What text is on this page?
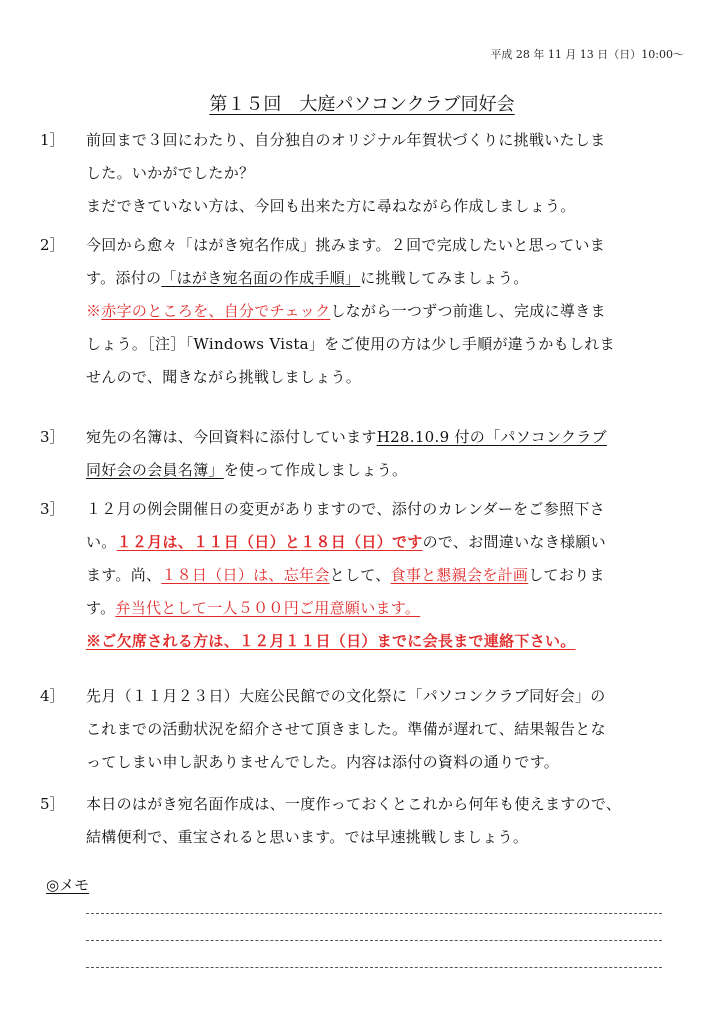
平成 28 年 11 月 13 日（日）10:00～
第１５回　大庭パソコンクラブ同好会
1］ 前回まで３回にわたり、自分独自のオリジナル年賀状づくりに挑戦いたしま
した。いかがでしたか？
まだできていない方は、今回も出来た方に尋ねながら作成しましょう。
2］ 今回から愈々「はがき宛名作成」挑みます。２回で完成したいと思っていま
す。添付の「はがき宛名面の作成手順」に挑戦してみましょう。
※赤字のところを、自分でチェックしながら一つずつ前進し、完成に導きま
しょう。［注］「Windows Vista」をご使用の方は少し手順が違うかもしれま
せんので、聞きながら挑戦しましょう。
3］ 宛先の名簿は、今回資料に添付していますH28.10.9 付の「パソコンクラブ
同好会の会員名簿」を使って作成しましょう。
3］ １２月の例会開催日の変更がありますので、添付のカレンダーをご参照下さ
い。１２月は、１１日（日）と１８日（日）ですので、お間違いなき様願い
ます。尚、１８日（日）は、忘年会として、食事と懇親会を計画しておりま
す。弁当代として一人５００円ご用意願います。
※ご欠席される方は、１２月１１日（日）までに会長まで連絡下さい。
4］ 先月（１１月２３日）大庭公民館での文化祭に「パソコンクラブ同好会」の
これまでの活動状況を紹介させて頂きました。準備が遅れて、結果報告とな
ってしまい申し訳ありませんでした。内容は添付の資料の通りです。
5］ 本日のはがき宛名面作成は、一度作っておくとこれから何年も使えますので、
結構便利で、重宝されると思います。では早速挑戦しましょう。
◎メモ
